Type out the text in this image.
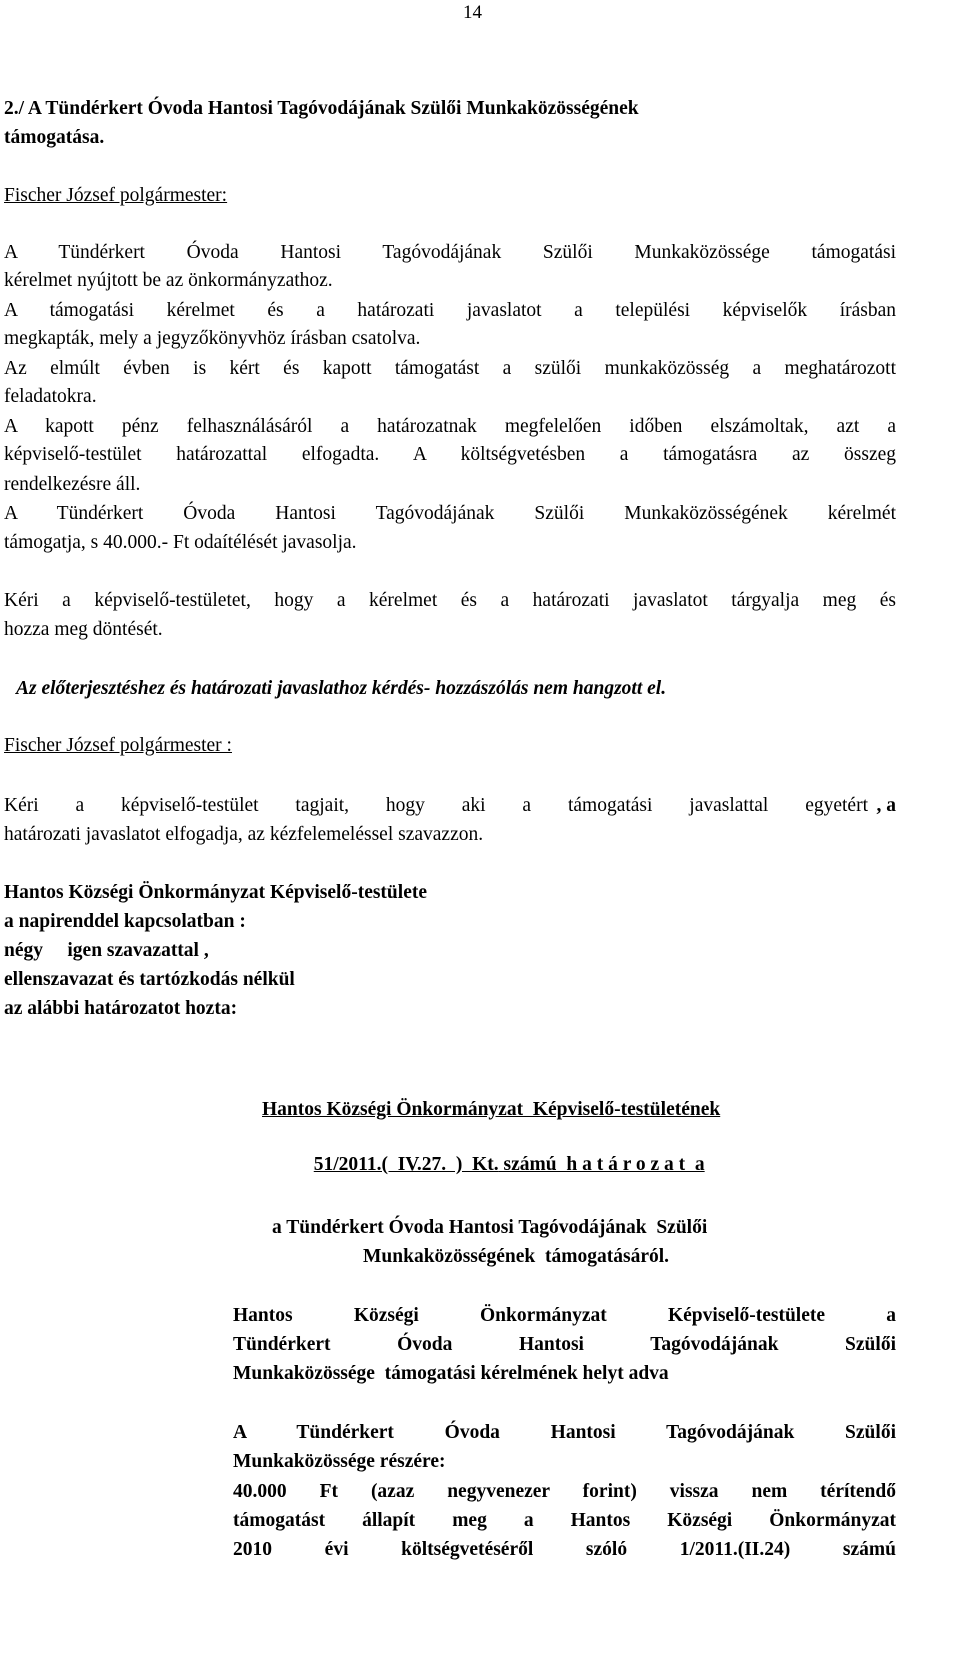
14
2./ A Tündérkert Óvoda Hantosi Tagóvodájának Szülői Munkaközösségének
támogatása.
Fischer József polgármester:
A Tündérkert Óvoda Hantosi Tagóvodájának Szülői Munkaközössége támogatási
kérelmet nyújtott be az önkormányzathoz.
A támogatási kérelmet és a határozati javaslatot a települési képviselők írásban
megkapták, mely a jegyzőkönyvhöz írásban csatolva.
Az elmúlt évben is kért és kapott támogatást a szülői munkaközösség a meghatározott
feladatokra.
A kapott pénz felhasználásáról a határozatnak megfelelően időben elszámoltak, azt a
képviselő-testület határozattal elfogadta. A költségvetésben a támogatásra az összeg
rendelkezésre áll.
A Tündérkert Óvoda Hantosi Tagóvodájának Szülői Munkaközösségének kérelmét
támogatja, s 40.000.- Ft odaítélését javasolja.
Kéri a képviselő-testületet, hogy a kérelmet és a határozati javaslatot tárgyalja meg és
hozza meg döntését.
Az előterjesztéshez és határozati javaslathoz kérdés- hozzászólás nem hangzott el.
Fischer József polgármester :
Kéri a képviselő-testület tagjait, hogy aki a támogatási javaslattal egyetért , a
határozati javaslatot elfogadja, az kézfelemeléssel szavazzon.
Hantos Községi Önkormányzat Képviselő-testülete
a napirenddel kapcsolatban :
négy     igen szavazattal ,
ellenszavazat és tartózkodás nélkül
az alábbi határozatot hozta:
Hantos Községi Önkormányzat  Képviselő-testületének

51/2011.(  IV.27.  )  Kt. számú  h a t á r o z a t  a

a Tündérkert Óvoda Hantosi Tagóvodájának  Szülői
Munkaközösségének  támogatásáról.
Hantos Községi Önkormányzat Képviselő-testülete a
Tündérkert Óvoda Hantosi Tagóvodájának Szülői
Munkaközössége  támogatási kérelmének helyt adva
A Tündérkert Óvoda Hantosi Tagóvodájának Szülői
Munkaközössége részére:
40.000 Ft (azaz negyvenezer forint) vissza nem térítendő
támogatást állapít meg a Hantos Községi Önkormányzat
2010 évi költségvetéséről szóló 1/2011.(II.24) számú
